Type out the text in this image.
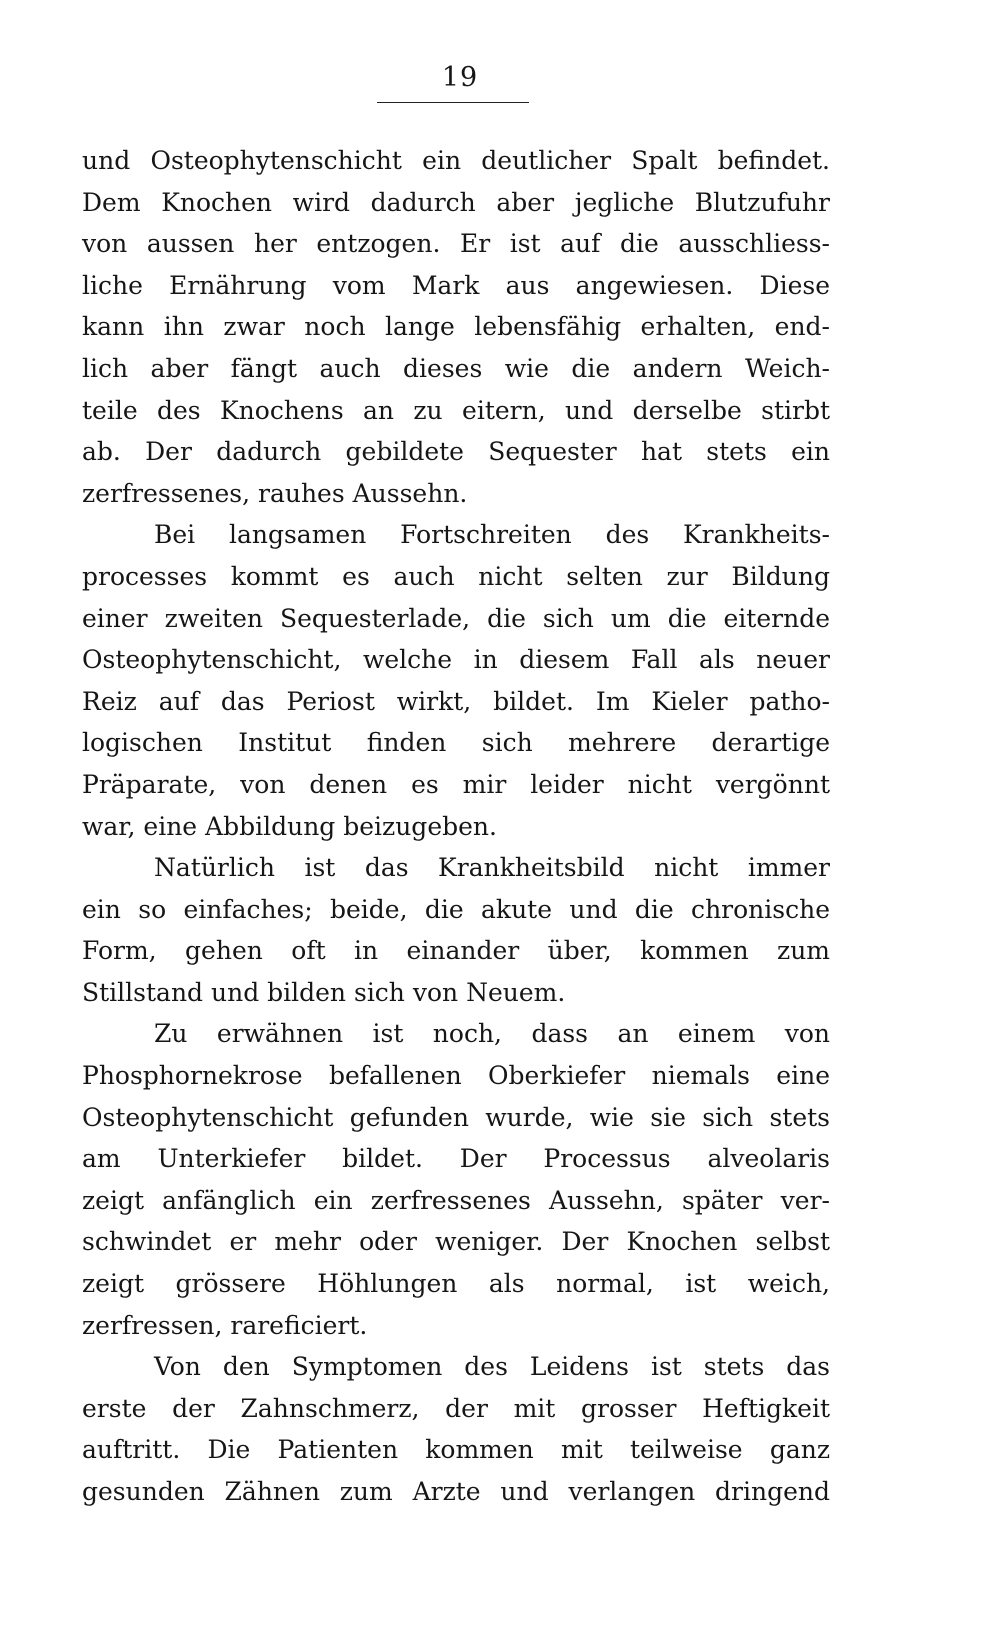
19
und Osteophytenschicht ein deutlicher Spalt befindet.
Dem Knochen wird dadurch aber jegliche Blutzufuhr
von aussen her entzogen. Er ist auf die ausschliess-
liche Ernährung vom Mark aus angewiesen. Diese
kann ihn zwar noch lange lebensfähig erhalten, end-
lich aber fängt auch dieses wie die andern Weich-
teile des Knochens an zu eitern, und derselbe stirbt
ab. Der dadurch gebildete Sequester hat stets ein
zerfressenes, rauhes Aussehn.
Bei langsamen Fortschreiten des Krankheits-
processes kommt es auch nicht selten zur Bildung
einer zweiten Sequesterlade, die sich um die eiternde
Osteophytenschicht, welche in diesem Fall als neuer
Reiz auf das Periost wirkt, bildet. Im Kieler patho-
logischen Institut finden sich mehrere derartige
Präparate, von denen es mir leider nicht vergönnt
war, eine Abbildung beizugeben.
Natürlich ist das Krankheitsbild nicht immer
ein so einfaches; beide, die akute und die chronische
Form, gehen oft in einander über, kommen zum
Stillstand und bilden sich von Neuem.
Zu erwähnen ist noch, dass an einem von
Phosphornekrose befallenen Oberkiefer niemals eine
Osteophytenschicht gefunden wurde, wie sie sich stets
am Unterkiefer bildet. Der Processus alveolaris
zeigt anfänglich ein zerfressenes Aussehn, später ver-
schwindet er mehr oder weniger. Der Knochen selbst
zeigt grössere Höhlungen als normal, ist weich,
zerfressen, rareficiert.
Von den Symptomen des Leidens ist stets das
erste der Zahnschmerz, der mit grosser Heftigkeit
auftritt. Die Patienten kommen mit teilweise ganz
gesunden Zähnen zum Arzte und verlangen dringend
